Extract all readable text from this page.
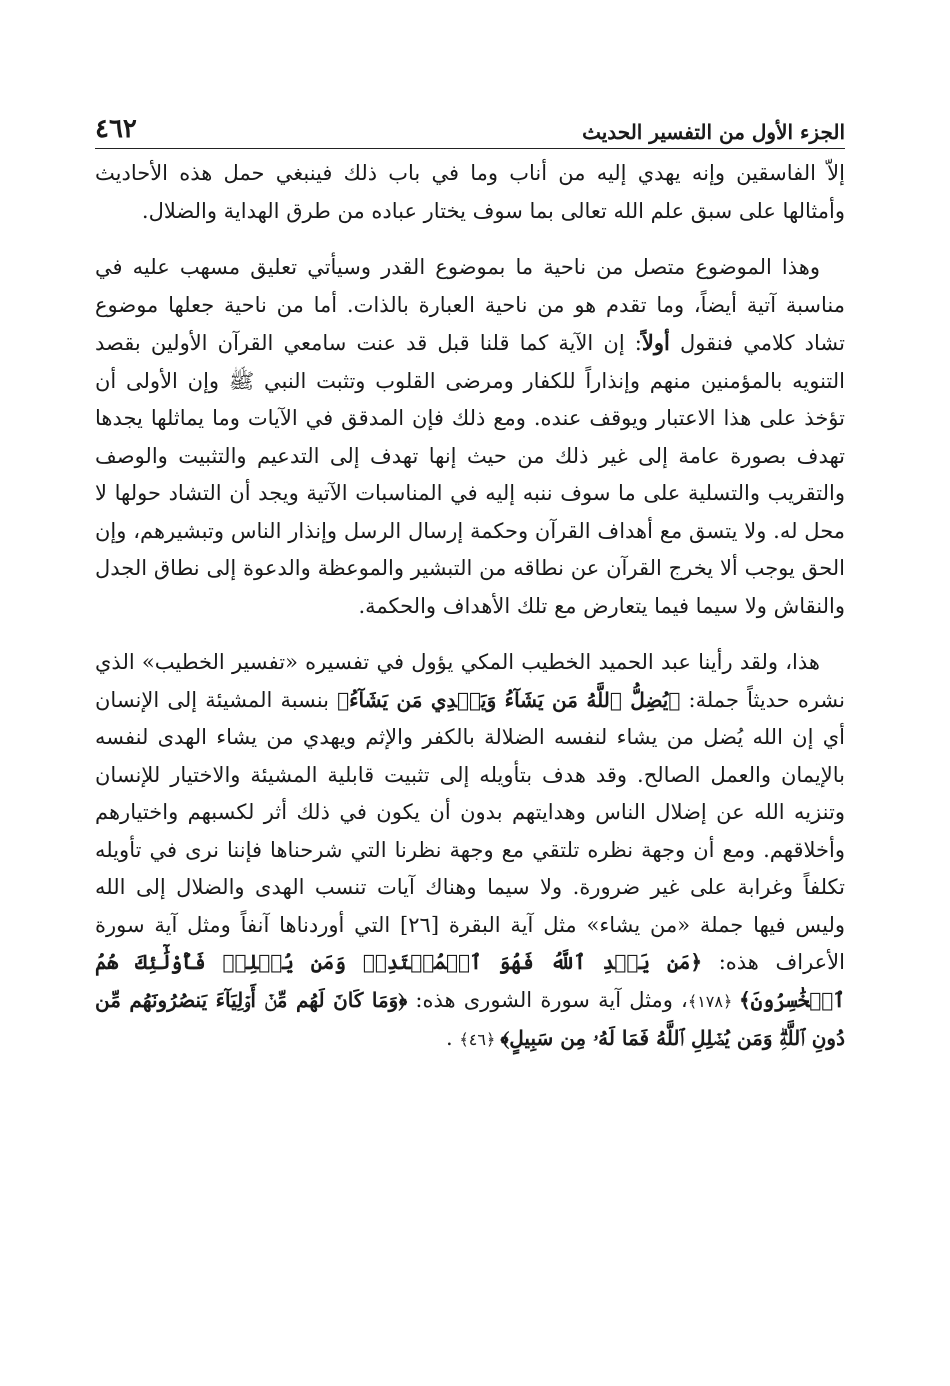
٤٦٢	الجزء الأول من التفسير الحديث

إلاّ الفاسقين وإنه يهدي إليه من أناب وما في باب ذلك فينبغي حمل هذه الأحاديث وأمثالها على سبق علم الله تعالى بما سوف يختار عباده من طرق الهداية والضلال.

وهذا الموضوع متصل من ناحية ما بموضوع القدر وسيأتي تعليق مسهب عليه في مناسبة آتية أيضاً، وما تقدم هو من ناحية العبارة بالذات. أما من ناحية جعلها موضوع تشاد كلامي فنقول أولاً: إن الآية كما قلنا قبل قد عنت سامعي القرآن الأولين بقصد التنويه بالمؤمنين منهم وإنذاراً للكفار ومرضى القلوب وتثبت النبي ﷺ وإن الأولى أن تؤخذ على هذا الاعتبار ويوقف عنده. ومع ذلك فإن المدقق في الآيات وما يماثلها يجدها تهدف بصورة عامة إلى غير ذلك من حيث إنها تهدف إلى التدعيم والتثبيت والوصف والتقريب والتسلية على ما سوف ننبه إليه في المناسبات الآتية ويجد أن التشاد حولها لا محل له. ولا يتسق مع أهداف القرآن وحكمة إرسال الرسل وإنذار الناس وتبشيرهم، وإن الحق يوجب ألا يخرج القرآن عن نطاقه من التبشير والموعظة والدعوة إلى نطاق الجدل والنقاش ولا سيما فيما يتعارض مع تلك الأهداف والحكمة.

هذا، ولقد رأينا عبد الحميد الخطيب المكي يؤول في تفسيره «تفسير الخطيب» الذي نشره حديثاً جملة: ﴿يُضِلُّ ٱللَّهُ مَن يَشَآءُ وَيَهۡدِي مَن يَشَآءُ﴾ بنسبة المشيئة إلى الإنسان أي إن الله يُضل من يشاء لنفسه الضلالة بالكفر والإثم ويهدي من يشاء الهدى لنفسه بالإيمان والعمل الصالح. وقد هدف بتأويله إلى تثبيت قابلية المشيئة والاختيار للإنسان وتنزيه الله عن إضلال الناس وهدايتهم بدون أن يكون في ذلك أثر لكسبهم واختيارهم وأخلاقهم. ومع أن وجهة نظره تلتقي مع وجهة نظرنا التي شرحناها فإننا نرى في تأويله تكلفاً وغرابة على غير ضرورة. ولا سيما وهناك آيات تنسب الهدى والضلال إلى الله وليس فيها جملة «من يشاء» مثل آية البقرة [٢٦] التي أوردناها آنفاً ومثل آية سورة الأعراف هذه: ﴿مَن يَهۡدِ ٱللَّهُ فَهُوَ ٱلۡمُهۡتَدِيۖ وَمَن يُضۡلِلۡ فَأُوْلَٰٓئِكَ هُمُ ٱلۡخَٰسِرُونَ﴾ ﴿١٧٨﴾، ومثل آية سورة الشورى هذه: ﴿وَمَا كَانَ لَهُم مِّنۡ أَوۡلِيَآءَ يَنصُرُونَهُم مِّن دُونِ ٱللَّهِۗ وَمَن يُضۡلِلِ ٱللَّهُ فَمَا لَهُۥ مِن سَبِيلٍ﴾ ﴿٤٦﴾ .
